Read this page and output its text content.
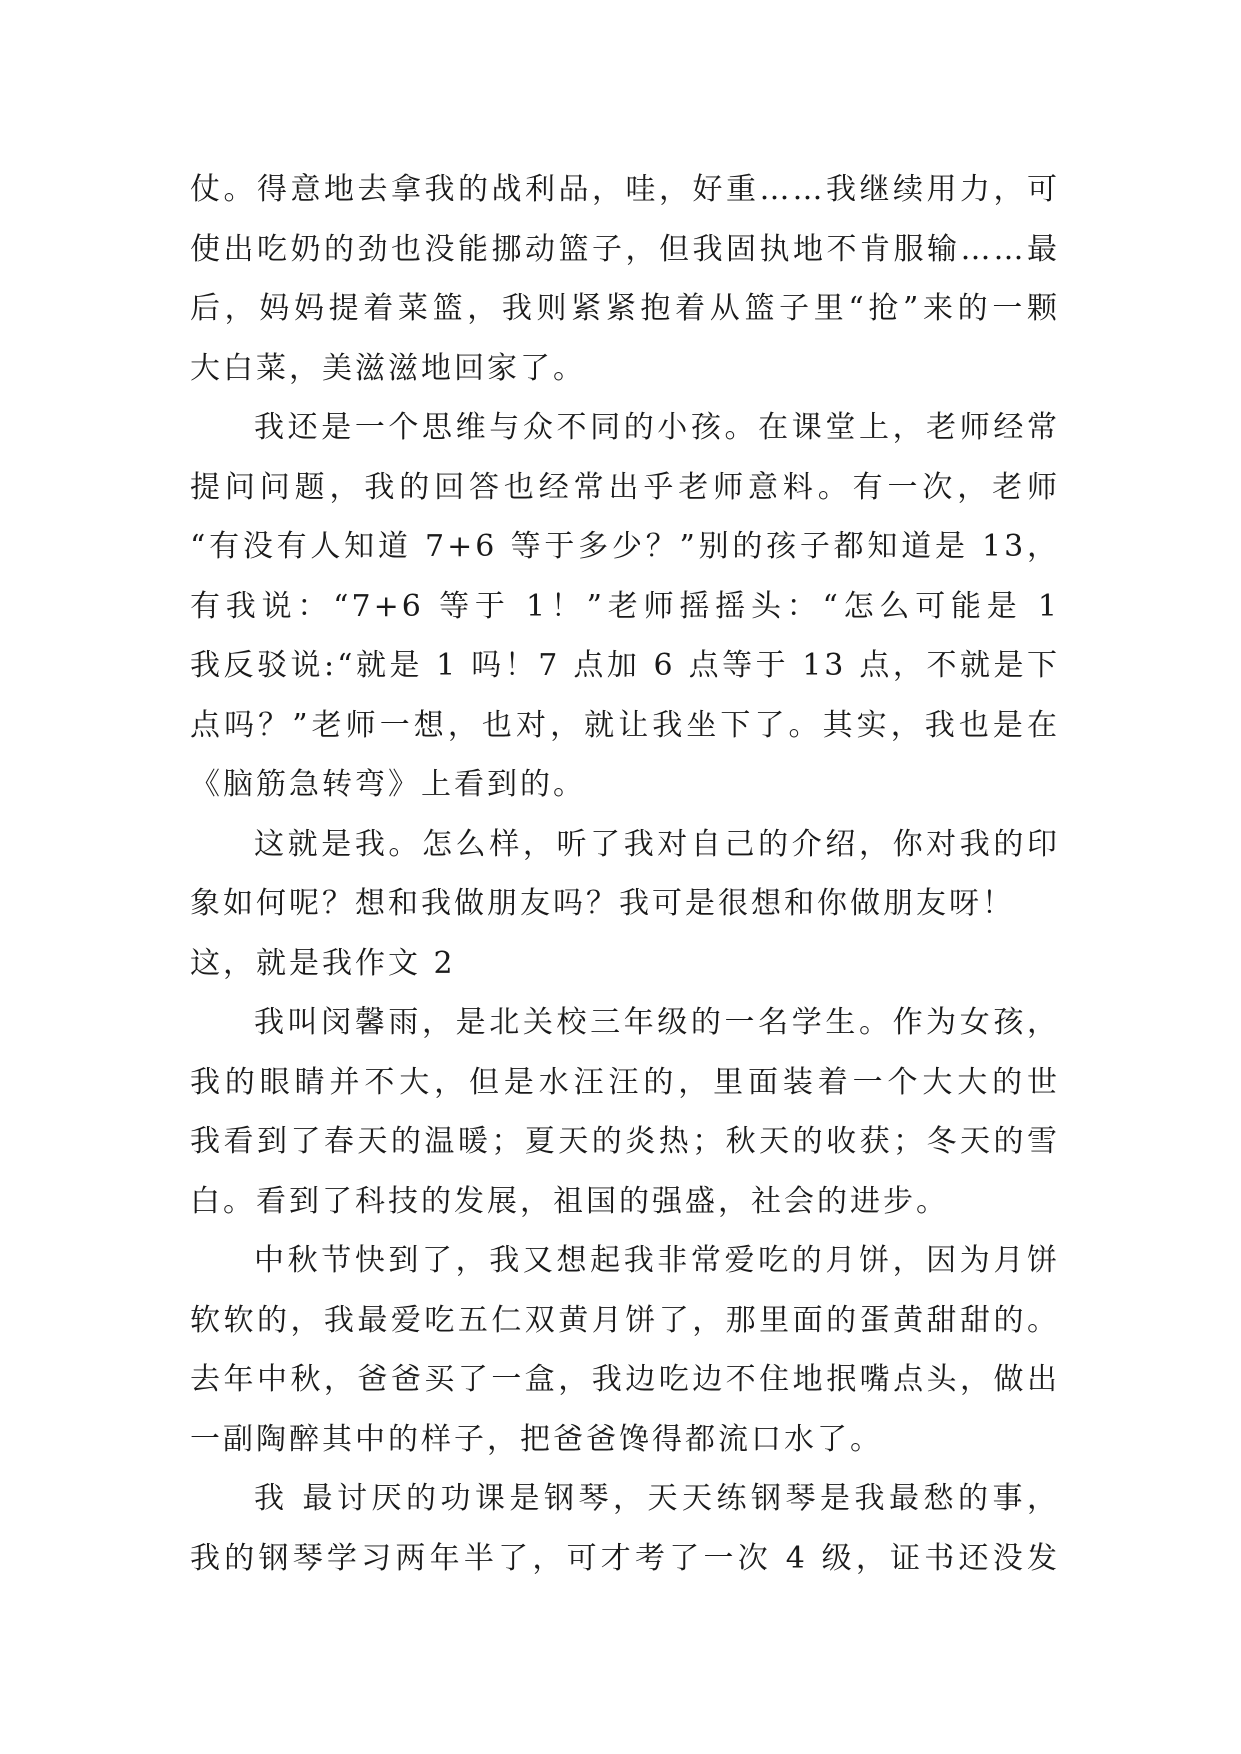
仗。得意地去拿我的战利品，哇，好重……我继续用力，可
使出吃奶的劲也没能挪动篮子，但我固执地不肯服输……最
后，妈妈提着菜篮，我则紧紧抱着从篮子里“抢”来的一颗
大白菜，美滋滋地回家了。
我还是一个思维与众不同的小孩。在课堂上，老师经常
提问问题，我的回答也经常出乎老师意料。有一次，老师
“有没有人知道 7+6 等于多少？”别的孩子都知道是 13，
有我说：“7+6 等于 1！”老师摇摇头：“怎么可能是 1
我反驳说:“就是 1 吗！7 点加 6 点等于 13 点，不就是下
点吗？”老师一想，也对，就让我坐下了。其实，我也是在
《脑筋急转弯》上看到的。
这就是我。怎么样，听了我对自己的介绍，你对我的印
象如何呢？想和我做朋友吗？我可是很想和你做朋友呀！
这，就是我作文 2
我叫闵馨雨，是北关校三年级的一名学生。作为女孩，
我的眼睛并不大，但是水汪汪的，里面装着一个大大的世
我看到了春天的温暖；夏天的炎热；秋天的收获；冬天的雪
白。看到了科技的发展，祖国的强盛，社会的进步。
中秋节快到了，我又想起我非常爱吃的月饼，因为月饼
软软的，我最爱吃五仁双黄月饼了，那里面的蛋黄甜甜的。
去年中秋，爸爸买了一盒，我边吃边不住地抿嘴点头，做出
一副陶醉其中的样子，把爸爸馋得都流口水了。
我 最讨厌的功课是钢琴，天天练钢琴是我最愁的事，
我的钢琴学习两年半了，可才考了一次 4 级，证书还没发
